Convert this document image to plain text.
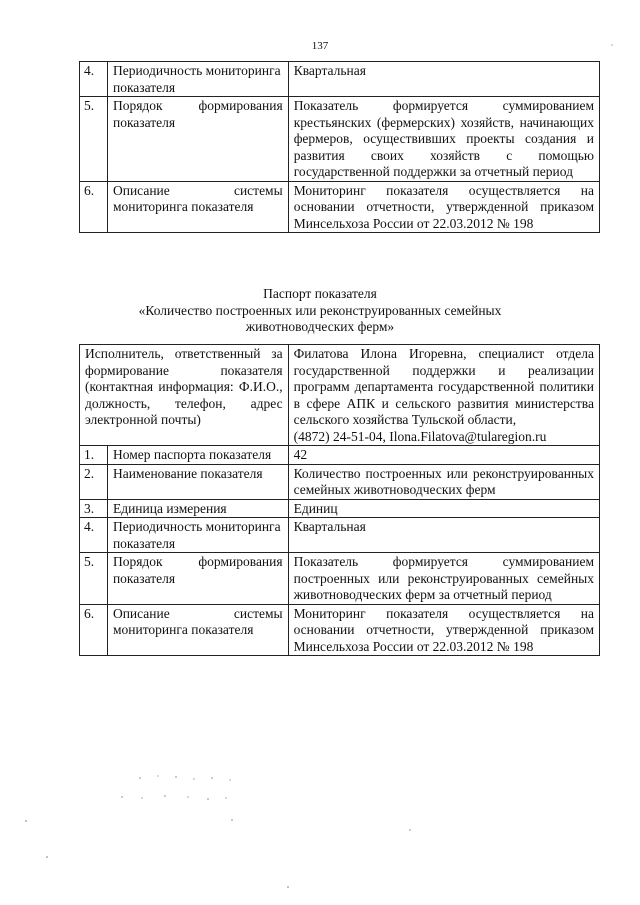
137
4.	Периодичность мониторинга показателя	Квартальная
5.	Порядок формирования показателя	Показатель формируется суммированием крестьянских (фермерских) хозяйств, начинающих фермеров, осуществивших проекты создания и развития своих хозяйств с помощью государственной поддержки за отчетный период
6.	Описание системы мониторинга показателя	Мониторинг показателя осуществляется на основании отчетности, утвержденной приказом Минсельхоза России от 22.03.2012 № 198
Паспорт показателя
«Количество построенных или реконструированных семейных
животноводческих ферм»
Исполнитель, ответственный за формирование показателя (контактная информация: Ф.И.О., должность, телефон, адрес электронной почты)		Филатова Илона Игоревна, специалист отдела государственной поддержки и реализации программ департамента государственной политики в сфере АПК и сельского развития министерства сельского хозяйства Тульской области,
(4872) 24-51-04, Ilona.Filatova@tularegion.ru
1.	Номер паспорта показателя	42
2.	Наименование показателя	Количество построенных или реконструированных семейных животноводческих ферм
3.	Единица измерения	Единиц
4.	Периодичность мониторинга показателя	Квартальная
5.	Порядок формирования показателя	Показатель формируется суммированием построенных или реконструированных семейных животноводческих ферм за отчетный период
6.	Описание системы мониторинга показателя	Мониторинг показателя осуществляется на основании отчетности, утвержденной приказом Минсельхоза России от 22.03.2012 № 198
